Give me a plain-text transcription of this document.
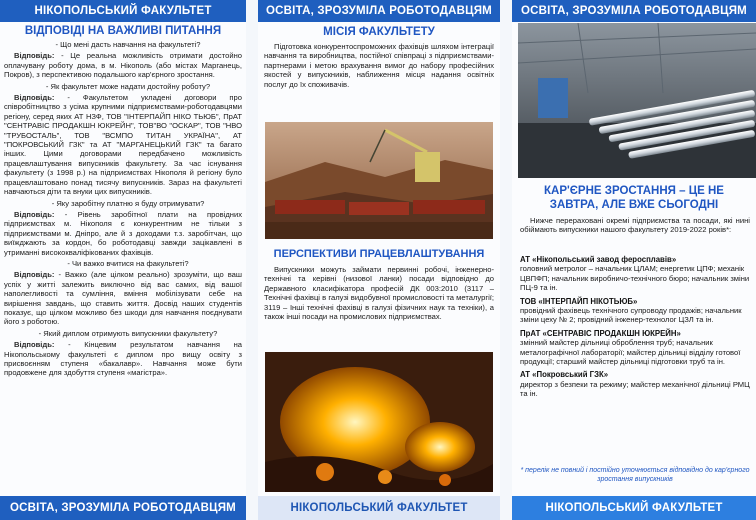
НІКОПОЛЬСЬКИЙ ФАКУЛЬТЕТ
ВІДПОВІДІ НА ВАЖЛИВІ ПИТАННЯ

- Що мені дасть навчання на факультеті?

Відповідь: - Це реальна можливість отримати достойно оплачувану роботу дома, в м. Нікополь (або містах Марганець, Покров), з перспективою подальшого кар'єрного зростання.

- Як факультет може надати достойну роботу?

Відповідь: - Факультетом укладені договори про співробітництво з усіма крупними підприємствами-роботодавцями регіону, серед яких АТ НЗФ, ТОВ "ІНТЕРПАЙП НІКО ТЬЮБ", ПрАТ "СЕНТРАВІС ПРОДАКШН ЮКРЕЙН", ТОВ"ВО "ОСКАР", ТОВ "НВО "ТРУБОСТАЛЬ", ТОВ "ВСМПО ТИТАН УКРАЇНА", АТ "ПОКРОВСЬКИЙ ГЗК" та АТ "МАРГАНЕЦЬКИЙ ГЗК" та багато інших. Цими договорами передбачено можливість працевлаштування випускників факультету. За час існування факультету (з 1998 р.) на підприємствах Нікополя й регіону було працевлаштовано понад тисячу випускників. Зараз на факультеті навчаються діти та внуки цих випускників.

- Яку заробітну платню я буду отримувати?

Відповідь: - Рівень заробітної плати на провідних підприємствах м. Нікополя є конкурентним не тільки з підприємствами м. Дніпро, але й з доходами т.з. заробітчан, що виїжджають за кордон, бо роботодавці завжди зацікавлені в утриманні висококваліфікованих фахівців.

- Чи важко вчитися на факультеті?

Відповідь: - Важко (але цілком реально) зрозуміти, що ваш успіх у житті залежить виключно від вас самих, від вашої наполегливості та сумління, вміння мобілізувати себе на вирішення завдань, що ставить життя. Досвід наших студентів показує, що цілком можливо без шкоди для навчання поєднувати його з роботою.

- Який диплом отримують випускники факультету?

Відповідь: - Кінцевим результатом навчання на Нікопольському факультеті є диплом про вищу освіту з присвоєнням ступеня «бакалавр». Навчання може бути продовжене для здобуття ступеня «магістра».

ОСВІТА, ЗРОЗУМІЛА РОБОТОДАВЦЯМ
ОСВІТА, ЗРОЗУМІЛА РОБОТОДАВЦЯМ
МІСІЯ ФАКУЛЬТЕТУ

Підготовка конкурентоспроможних фахівців шляхом інтеграції навчання та виробництва, постійної співпраці з підприємствами-партнерами і метою врахування вимог до набору професійних якостей у випускників, наближення місця надання освітніх послуг до їх споживачів.

ПЕРСПЕКТИВИ ПРАЦЕВЛАШТУВАННЯ

Випускники можуть займати первинні робочі, інженерно-технічні та керівні (низової ланки) посади відповідно до Державного класифікатора професій ДК 003:2010 (3117 – Технічні фахівці в галузі видобувної промисловості та металургії; 3119 – Інші технічні фахівці в галузі фізичних наук та техніки), а також інші посади на промислових підприємствах.

НІКОПОЛЬСЬКИЙ ФАКУЛЬТЕТ
ОСВІТА, ЗРОЗУМІЛА РОБОТОДАВЦЯМ
КАР'ЄРНЕ ЗРОСТАННЯ – ЦЕ НЕ ЗАВТРА, АЛЕ ВЖЕ СЬОГОДНІ

Нижче перераховані окремі підприємства та посади, які нині обіймають випускники нашого факультету 2019-2022 років*:

АТ «Нікопольський завод феросплавів»
головний метролог – начальник ЦЛАМ; енергетик ЦПФ; механік ЦВПФП; начальник виробничо-технічного бюро; начальник зміни ПЦ-9 та ін.
ТОВ «ІНТЕРПАЙП НІКОТЬЮБ»
провідний фахівець технічного супроводу продажів; начальник зміни цеху № 2; провідний інженер-технолог ЦЗЛ та ін.
ПрАТ «СЕНТРАВІС ПРОДАКШН ЮКРЕЙН»
змінний майстер дільниці оброблення труб; начальник металографічної лабораторії; майстер дільниці відділу готової продукції; старший майстер дільниці підготовки труб та ін.
АТ «Покровський ГЗК»
директор з безпеки та режиму; майстер механічної дільниці РМЦ та ін.
* перелік не повний і постійно уточнюється відповідно до кар'єрного зростання випускників
НІКОПОЛЬСЬКИЙ ФАКУЛЬТЕТ
